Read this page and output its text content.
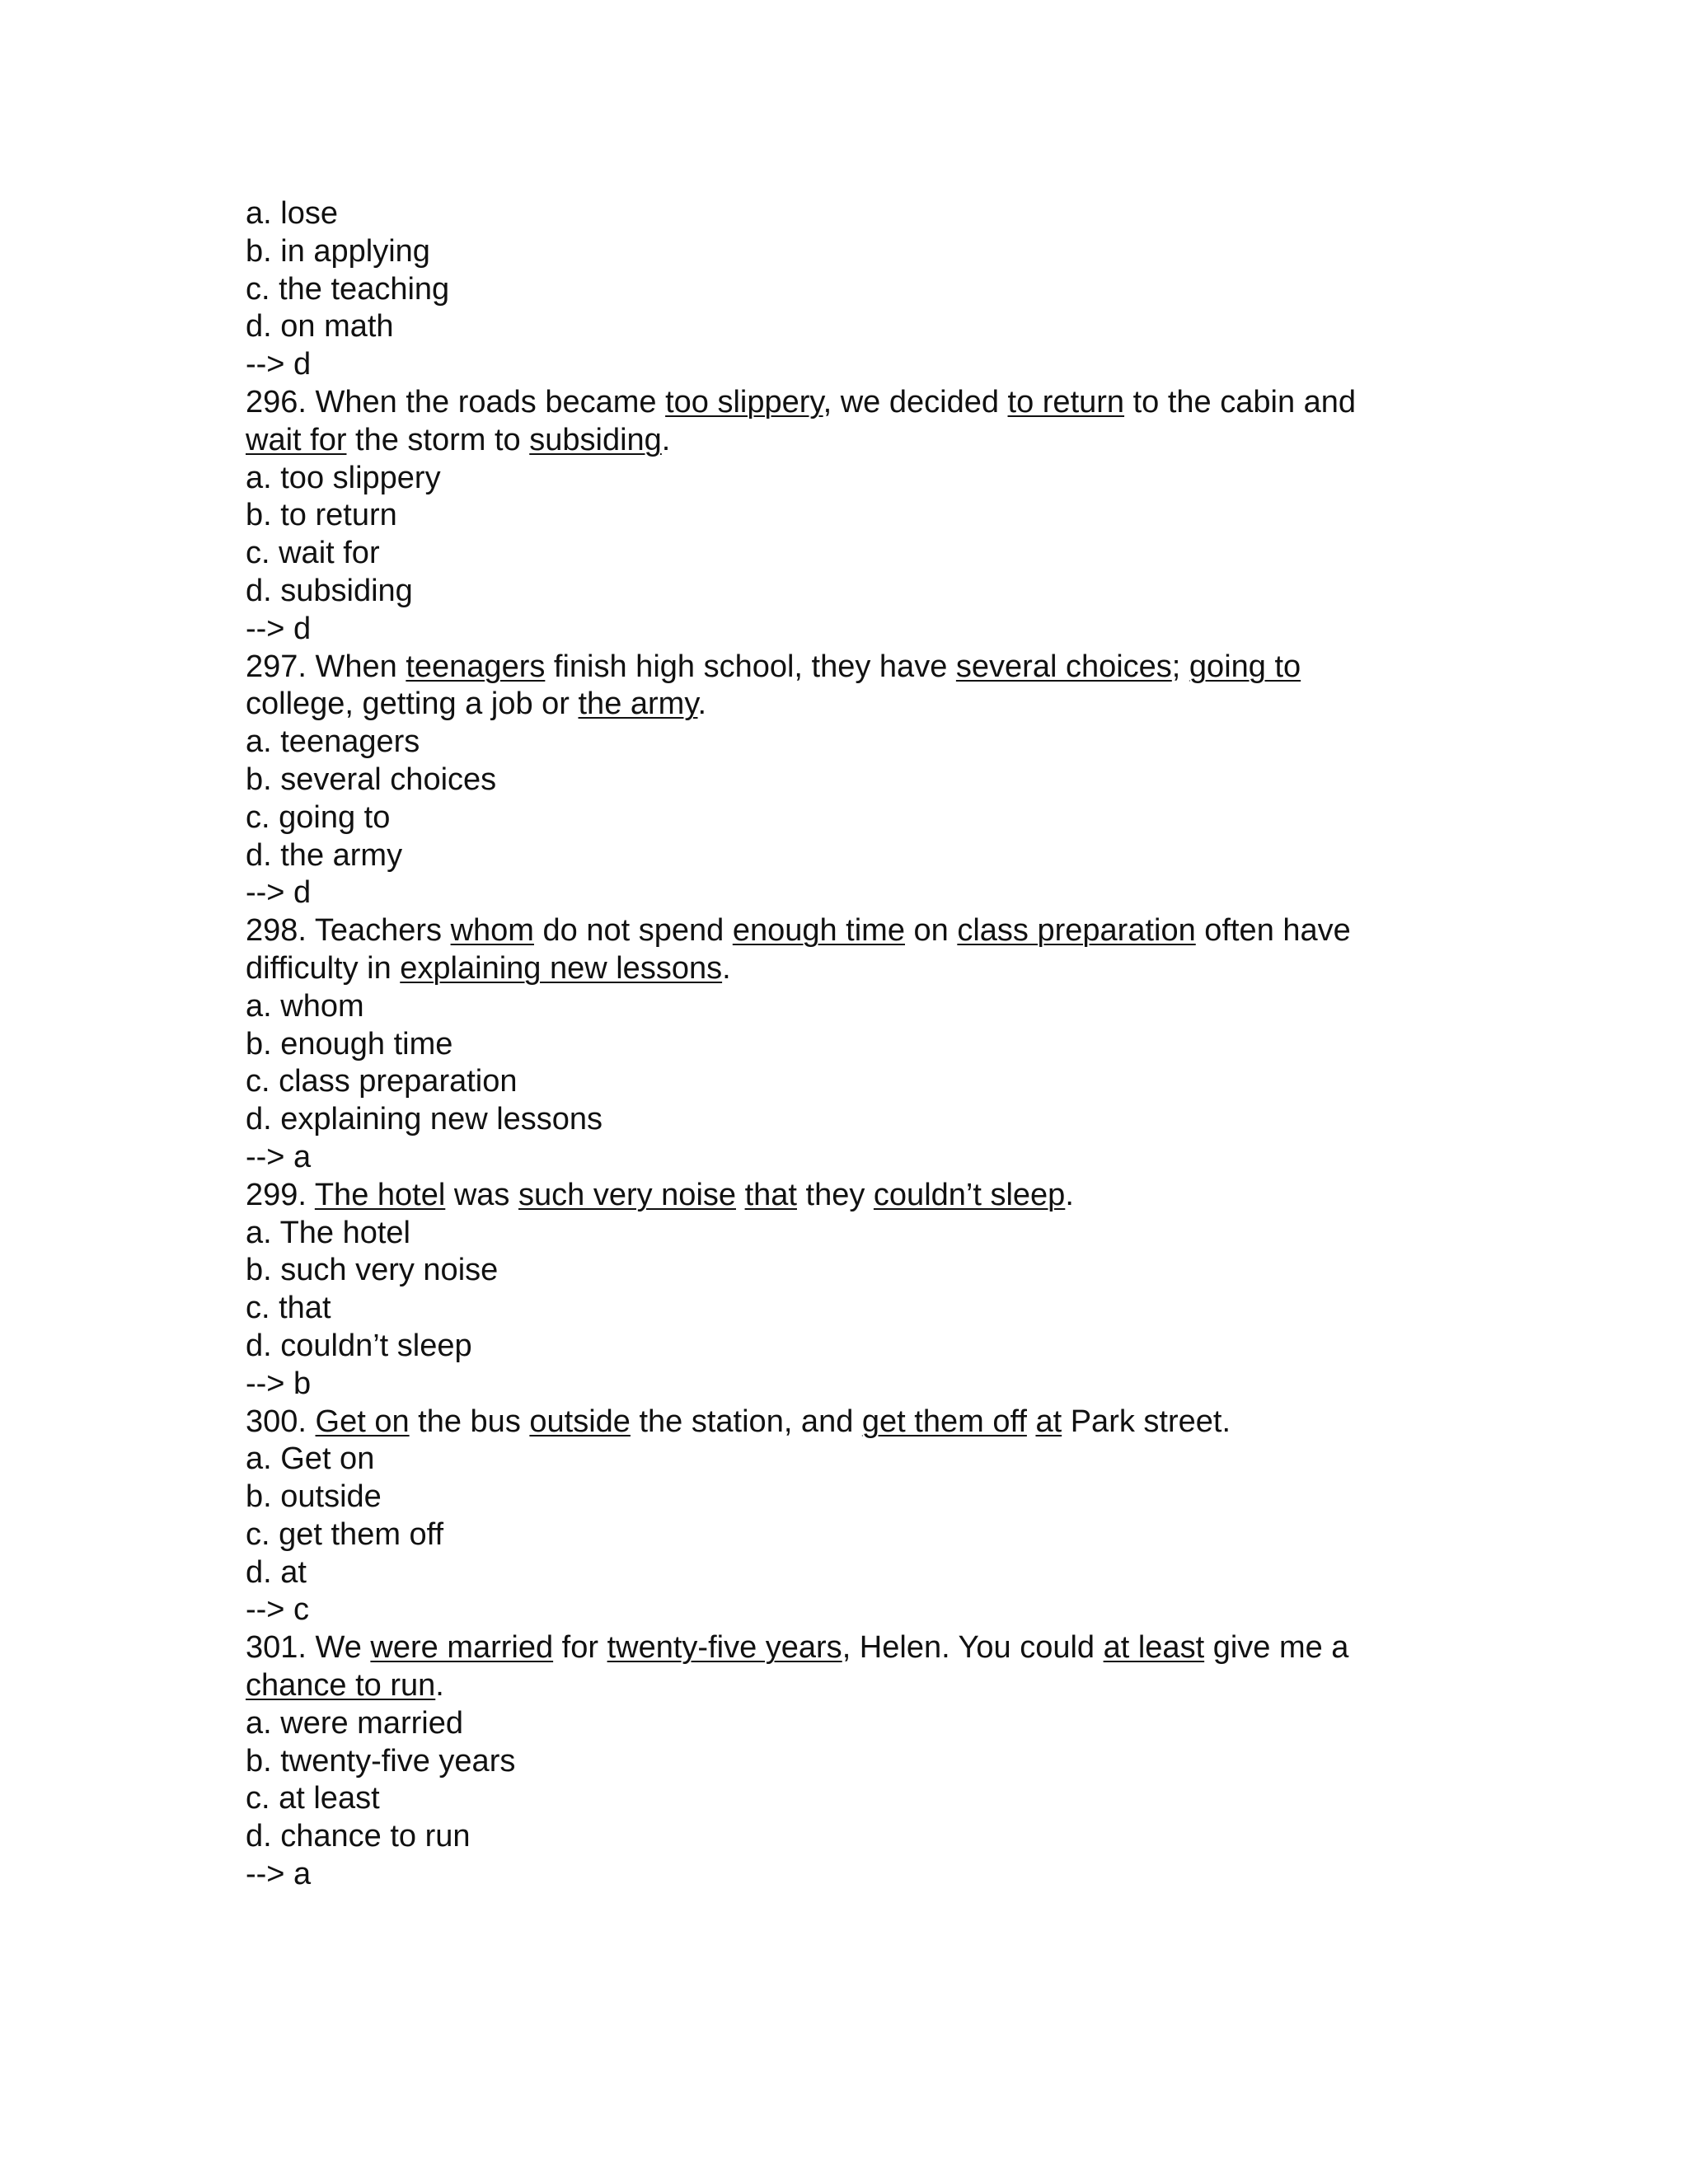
a. lose
b. in applying
c. the teaching
d. on math
--> d
296. When the roads became too slippery, we decided to return to the cabin and
wait for the storm to subsiding.
a. too slippery
b. to return
c. wait for
d. subsiding
--> d
297. When teenagers finish high school, they have several choices; going to
college, getting a job or the army.
a. teenagers
b. several choices
c. going to
d. the army
--> d
298. Teachers whom do not spend enough time on class preparation often have
difficulty in explaining new lessons.
a. whom
b. enough time
c. class preparation
d. explaining new lessons
--> a
299. The hotel was such very noise that they couldn’t sleep.
a. The hotel
b. such very noise
c. that
d. couldn’t sleep
--> b
300. Get on the bus outside the station, and get them off at Park street.
a. Get on
b. outside
c. get them off
d. at
--> c
301. We were married for twenty-five years, Helen. You could at least give me a
chance to run.
a. were married
b. twenty-five years
c. at least
d. chance to run
--> a
